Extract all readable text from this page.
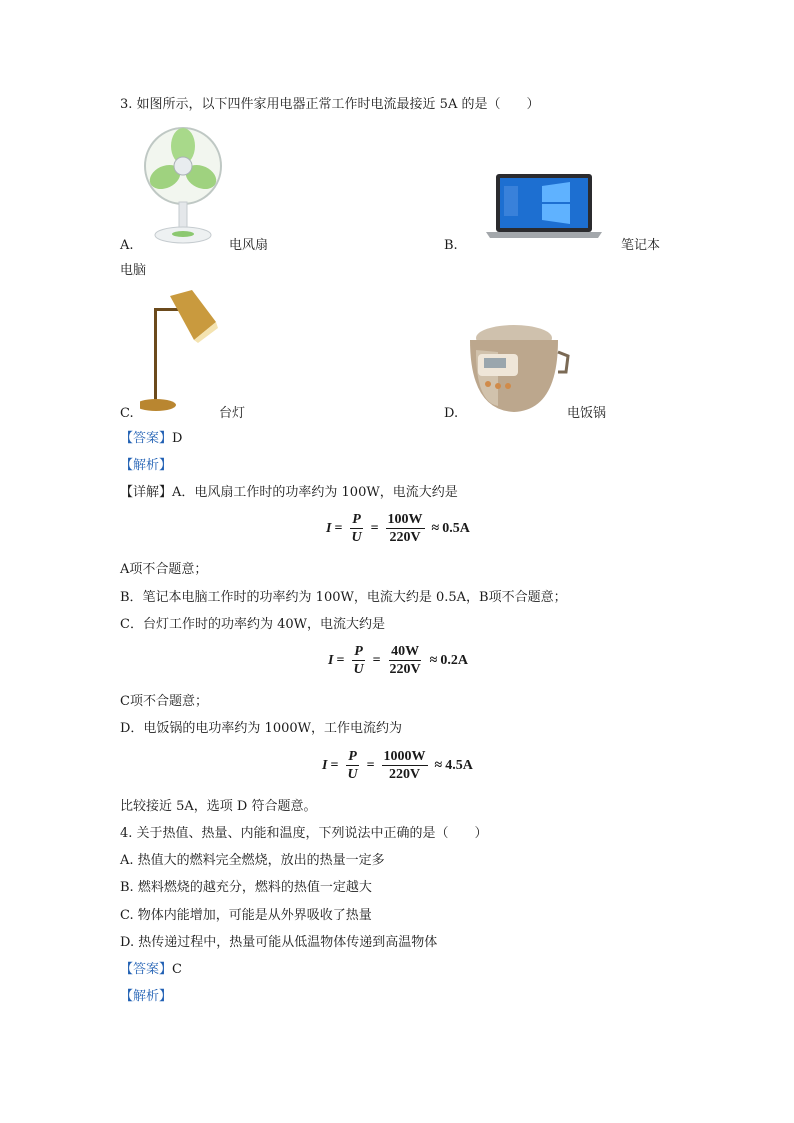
3. 如图所示，以下四件家用电器正常工作时电流最接近 5A 的是（　　）
A.	电风扇	B.	笔记本
电脑
C.	台灯	D.	电饭锅
【答案】D
【解析】
【详解】A．电风扇工作时的功率约为 100W，电流大约是
$I = \frac{P}{U} = \frac{100W}{220V} \approx 0.5A$
A项不合题意；
B．笔记本电脑工作时的功率约为 100W，电流大约是 0.5A，B项不合题意；
C．台灯工作时的功率约为 40W，电流大约是
$I = \frac{P}{U} = \frac{40W}{220V} \approx 0.2A$
C项不合题意；
D．电饭锅的电功率约为 1000W，工作电流约为
$I = \frac{P}{U} = \frac{1000W}{220V} \approx 4.5A$
比较接近 5A，选项 D 符合题意。
4. 关于热值、热量、内能和温度，下列说法中正确的是（　　）
A. 热值大的燃料完全燃烧，放出的热量一定多
B. 燃料燃烧的越充分，燃料的热值一定越大
C. 物体内能增加，可能是从外界吸收了热量
D. 热传递过程中，热量可能从低温物体传递到高温物体
【答案】C
【解析】
